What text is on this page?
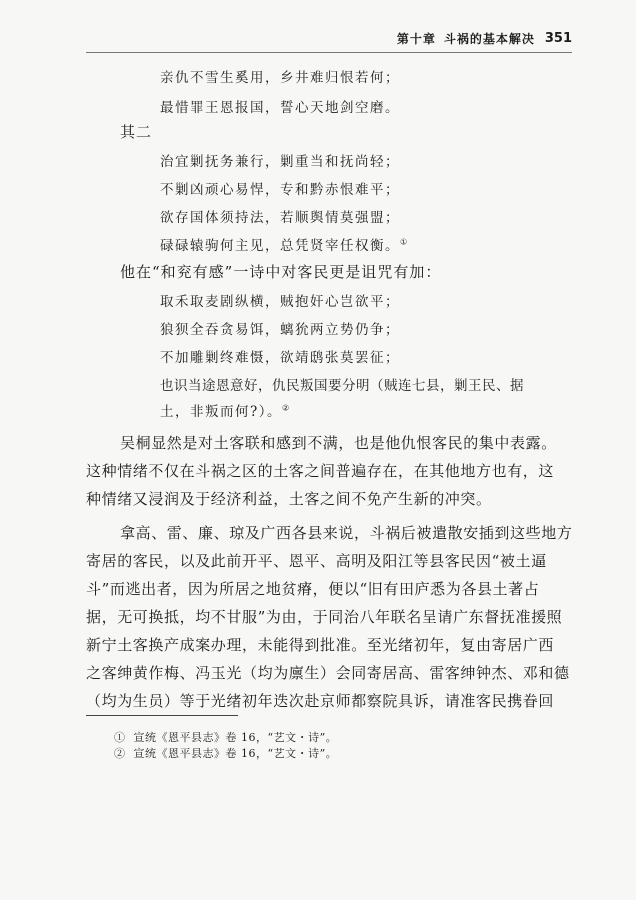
第十章 斗祸的基本解决 351
亲仇不雪生奚用，乡井难归恨若何；
最惜罪王恩报国，誓心天地剑空磨。
其二
治宜剿抚务兼行，剿重当和抚尚轻；
不剿凶顽心易悍，专和黔赤恨难平；
欲存国体须持法，若顺舆情莫强盟；
碌碌辕驹何主见，总凭贤宰任权衡。①
他在“和兖有感”一诗中对客民更是诅咒有加：
取禾取麦剧纵横，贼抱奸心岂欲平；
狼狈全吞贪易饵，螭狁两立势仍争；
不加雕剿终难慑，欲靖鸱张莫罢征；
也识当途恩意好，仇民叛国要分明（贼连七县，剿王民、据
土，非叛而何?）。②
吴桐显然是对土客联和感到不满，也是他仇恨客民的集中表露。
这种情绪不仅在斗祸之区的土客之间普遍存在，在其他地方也有，这
种情绪又浸润及于经济利益，土客之间不免产生新的冲突。
拿高、雷、廉、琼及广西各县来说，斗祸后被遣散安插到这些地方
寄居的客民，以及此前开平、恩平、高明及阳江等县客民因“被土逼
斗”而逃出者，因为所居之地贫瘠，便以“旧有田庐悉为各县土著占
据，无可换抵，均不甘服”为由，于同治八年联名呈请广东督抚准援照
新宁土客换产成案办理，未能得到批准。至光绪初年，复由寄居广西
之客绅黄作梅、冯玉光（均为廪生）会同寄居高、雷客绅钟杰、邓和德
（均为生员）等于光绪初年迭次赴京师都察院具诉，请准客民携眷回
① 宣统《恩平县志》卷 16，“艺文・诗”。
② 宣统《恩平县志》卷 16，“艺文・诗”。
